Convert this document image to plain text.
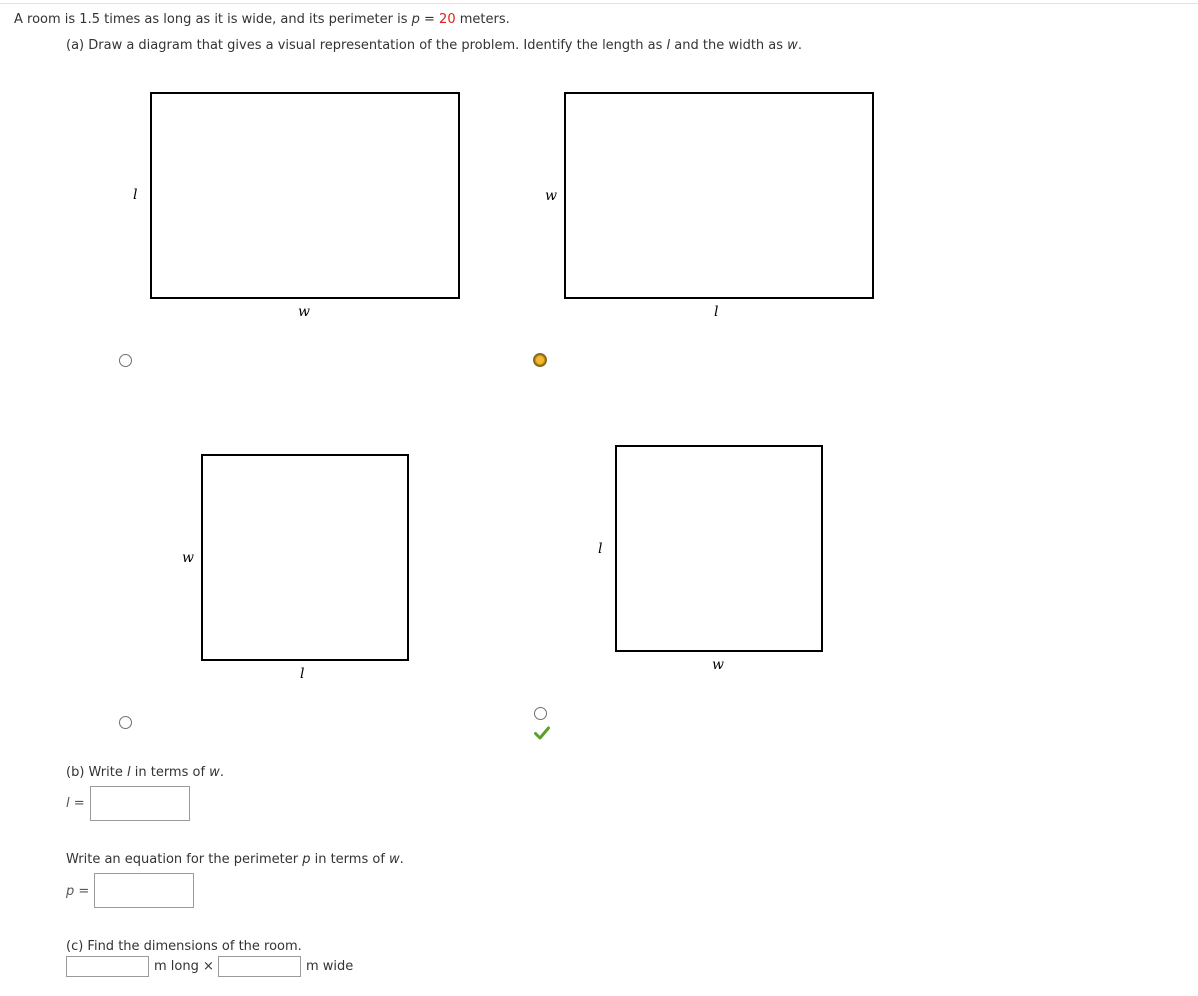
A room is 1.5 times as long as it is wide, and its perimeter is p = 20 meters.
(a) Draw a diagram that gives a visual representation of the problem. Identify the length as l and the width as w.
l
w
w
l
w
l
l
w
(b) Write l in terms of w.
l =
Write an equation for the perimeter p in terms of w.
p =
(c) Find the dimensions of the room.
m long ×	m wide
